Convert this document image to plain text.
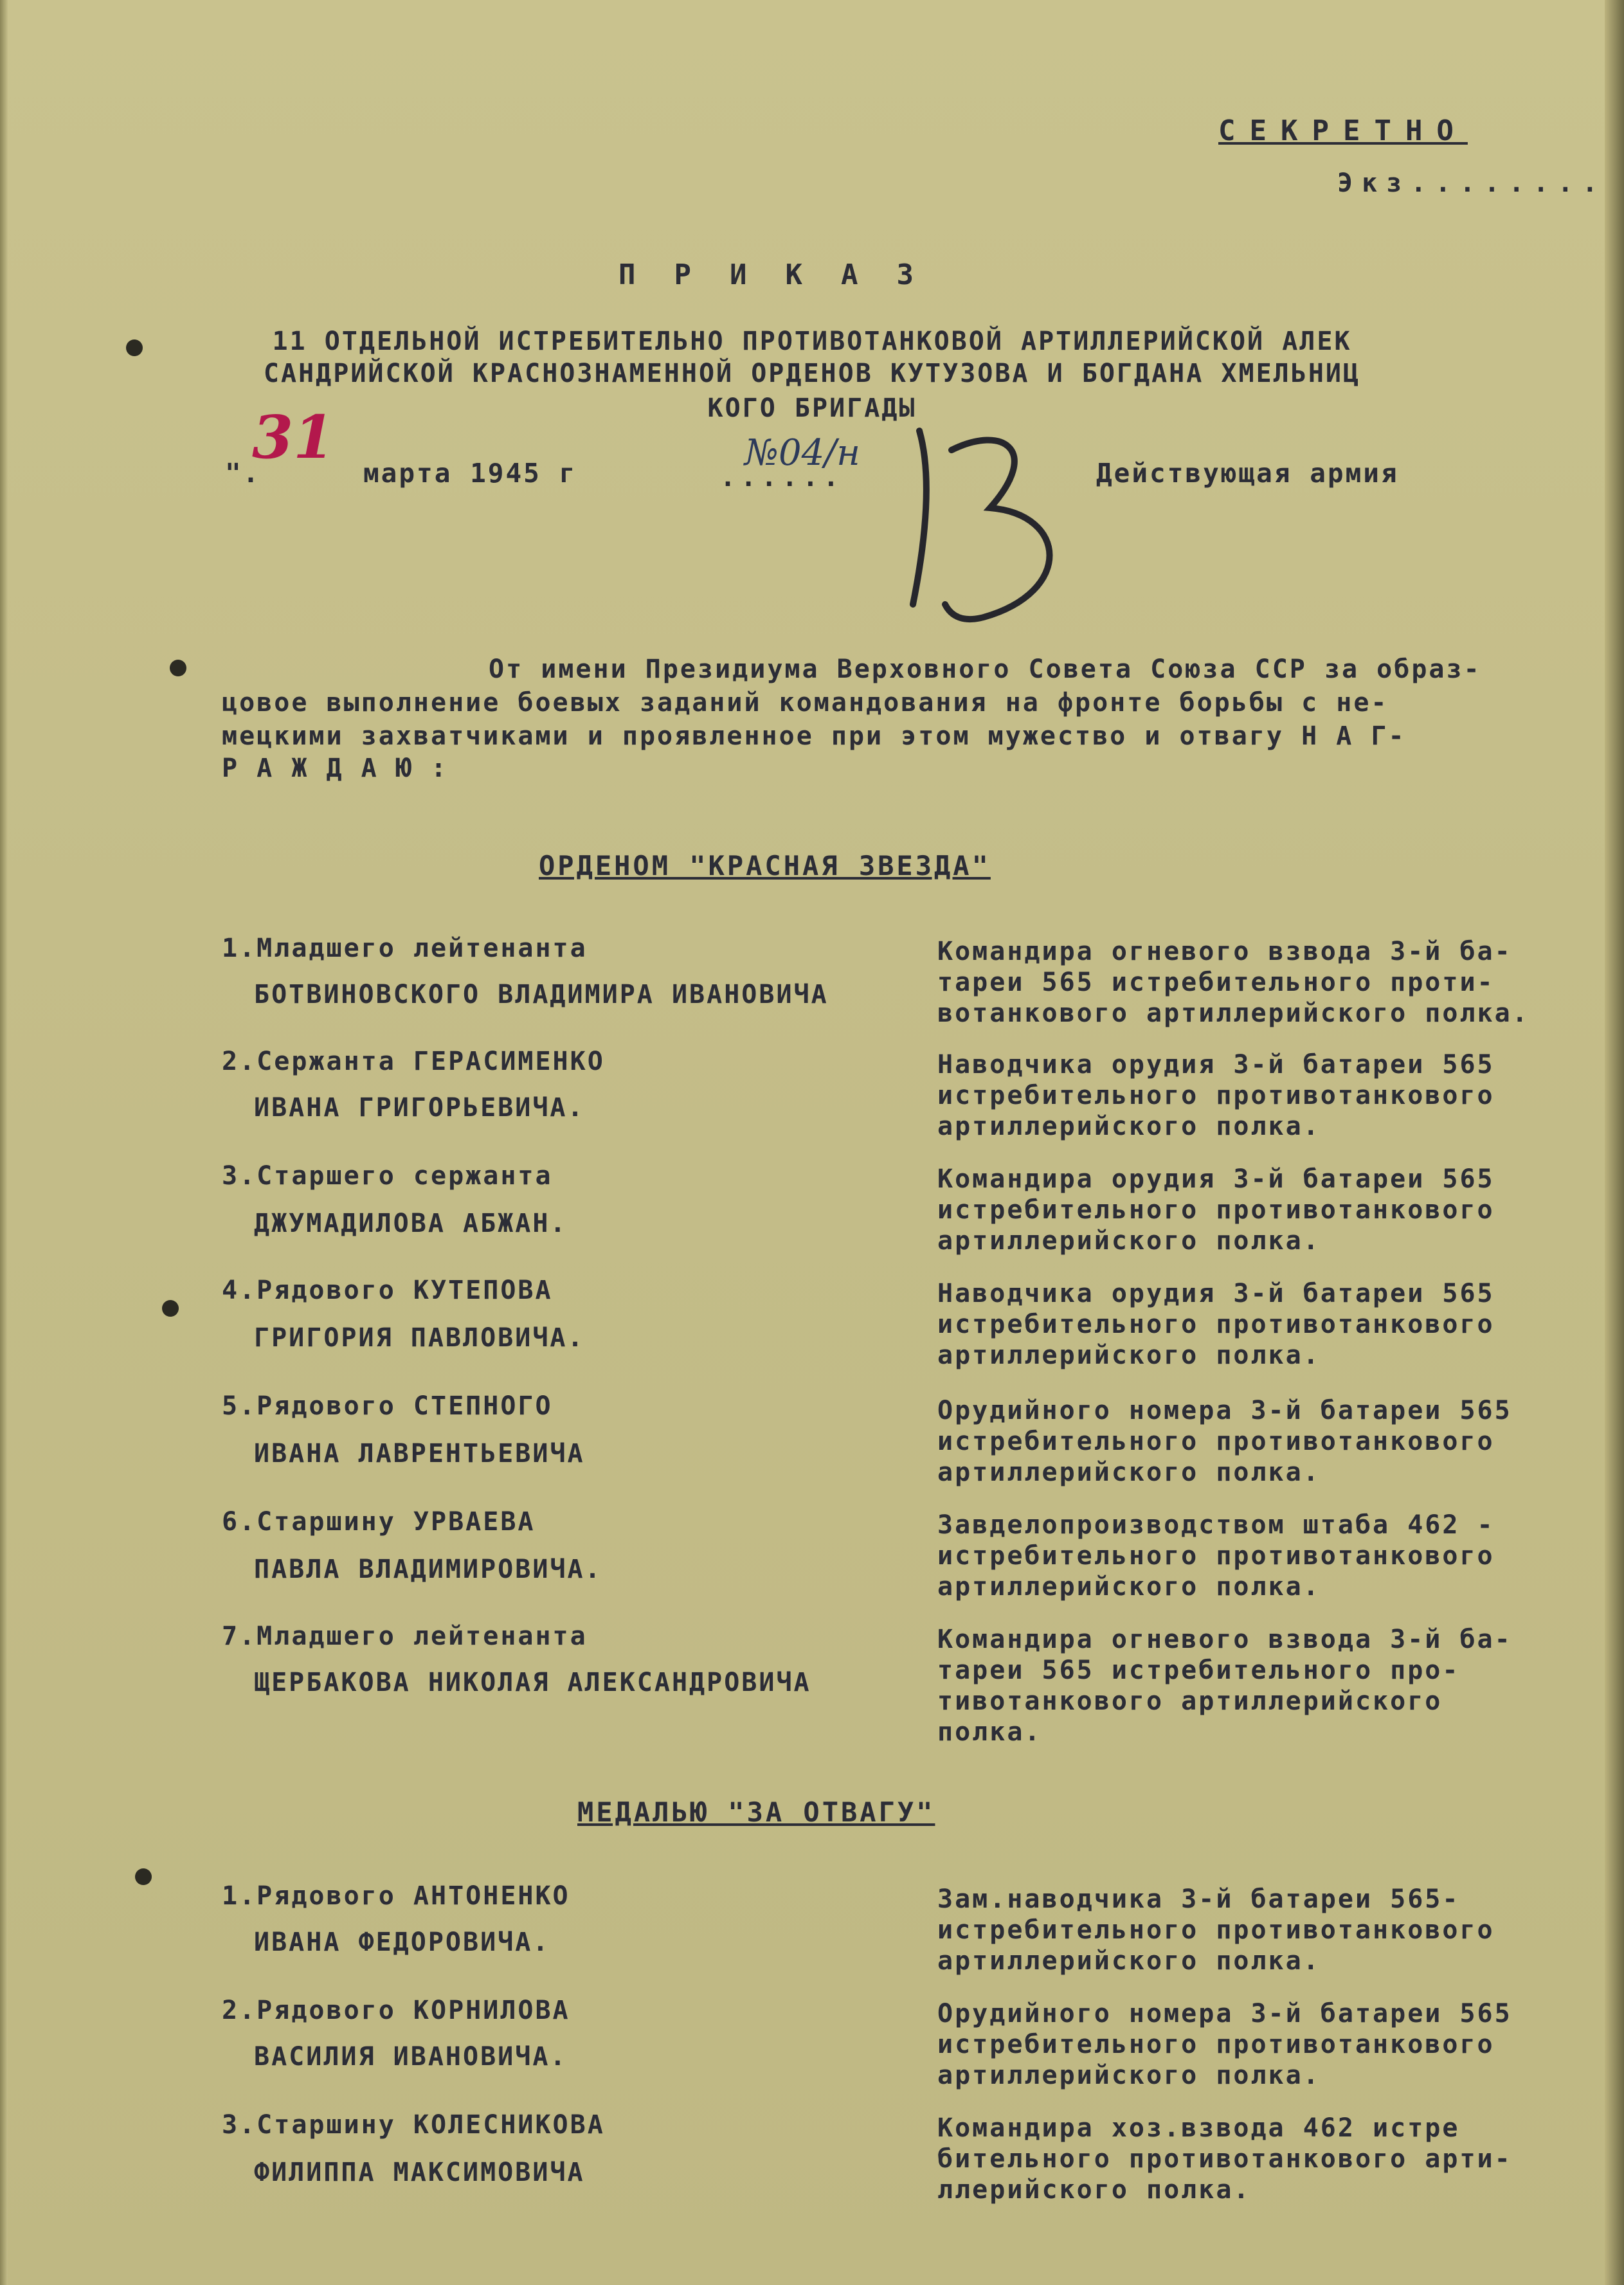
СЕКРЕТНО
Экз........
ПРИКАЗ
11 ОТДЕЛЬНОЙ ИСТРЕБИТЕЛЬНО ПРОТИВОТАНКОВОЙ АРТИЛЛЕРИЙСКОЙ АЛЕК
САНДРИЙСКОЙ КРАСНОЗНАМЕННОЙ ОРДЕНОВ КУТУЗОВА И БОГДАНА ХМЕЛЬНИЦ
КОГО БРИГАДЫ
".
31
марта 1945 г	№04/н
......	Действующая армия
От имени Президиума Верховного Совета Союза ССР за образ-
цовое выполнение боевых заданий командования на фронте борьбы с не-
мецкими захватчиками и проявленное при этом мужество и отвагу Н А Г-
Р А Ж Д А Ю :
ОРДЕНОМ "КРАСНАЯ ЗВЕЗДА"
1.Младшего лейтенанта
БОТВИНОВСКОГО ВЛАДИМИРА ИВАНОВИЧА
Командира огневого взвода 3-й ба-
тареи 565 истребительного проти-
вотанкового артиллерийского полка.
2.Сержанта ГЕРАСИМЕНКО
ИВАНА ГРИГОРЬЕВИЧА.
Наводчика орудия 3-й батареи 565
истребительного противотанкового
артиллерийского полка.
3.Старшего сержанта
ДЖУМАДИЛОВА АБЖАН.
Командира орудия 3-й батареи 565
истребительного противотанкового
артиллерийского полка.
4.Рядового КУТЕПОВА
ГРИГОРИЯ ПАВЛОВИЧА.
Наводчика орудия 3-й батареи 565
истребительного противотанкового
артиллерийского полка.
5.Рядового СТЕПНОГО
ИВАНА ЛАВРЕНТЬЕВИЧА
Орудийного номера 3-й батареи 565
истребительного противотанкового
артиллерийского полка.
6.Старшину УРВАЕВА
ПАВЛА ВЛАДИМИРОВИЧА.
Завделопроизводством штаба 462 -
истребительного противотанкового
артиллерийского полка.
7.Младшего лейтенанта
ЩЕРБАКОВА НИКОЛАЯ АЛЕКСАНДРОВИЧА
Командира огневого взвода 3-й ба-
тареи 565 истребительного про-
тивотанкового артиллерийского
полка.
МЕДАЛЬЮ "ЗА ОТВАГУ"
1.Рядового АНТОНЕНКО
ИВАНА ФЕДОРОВИЧА.
Зам.наводчика 3-й батареи 565-
истребительного противотанкового
артиллерийского полка.
2.Рядового КОРНИЛОВА
ВАСИЛИЯ ИВАНОВИЧА.
Орудийного номера 3-й батареи 565
истребительного противотанкового
артиллерийского полка.
3.Старшину КОЛЕСНИКОВА
ФИЛИППА МАКСИМОВИЧА
Командира хоз.взвода 462 истре
бительного противотанкового арти-
ллерийского полка.
